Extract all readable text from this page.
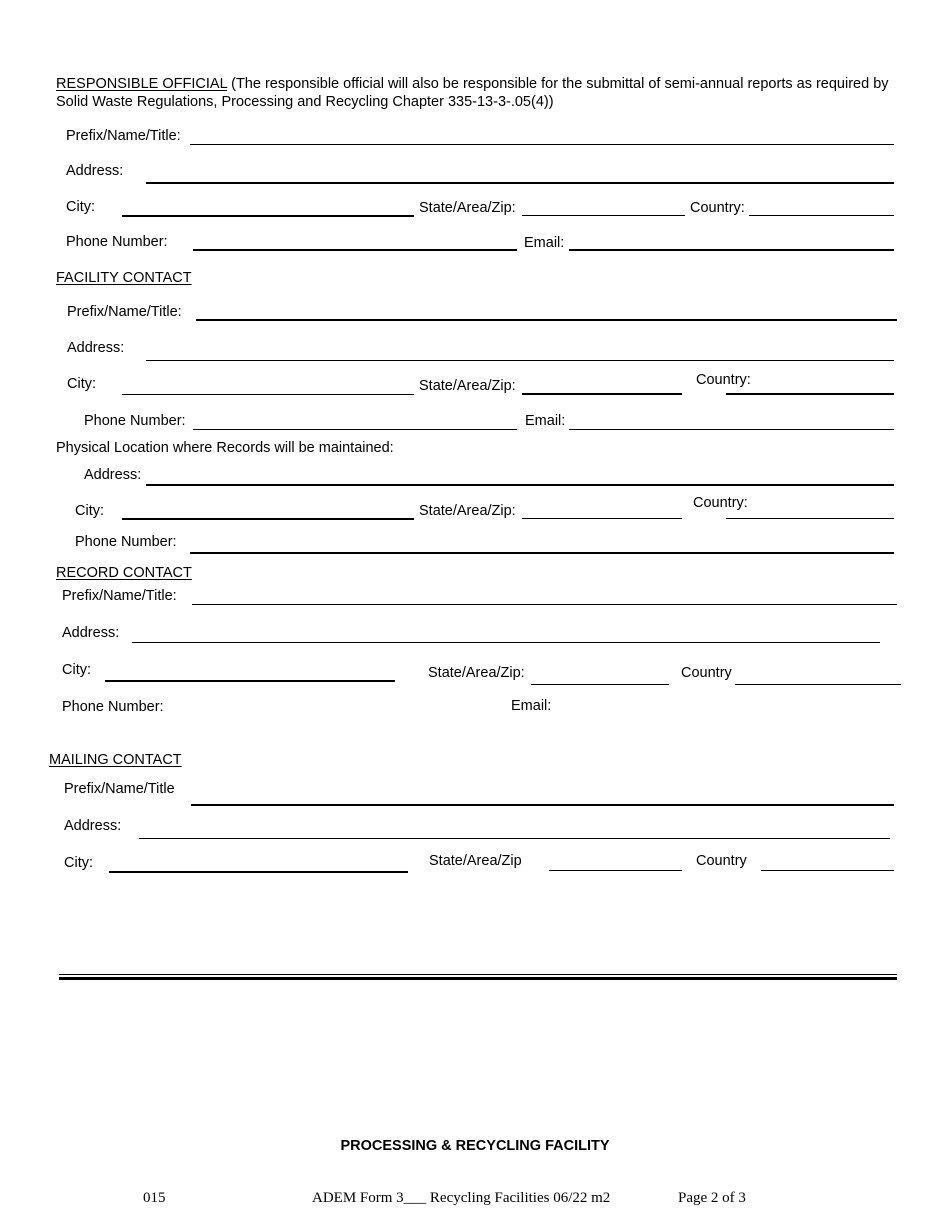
RESPONSIBLE OFFICIAL (The responsible official will also be responsible for the submittal of semi-annual reports as required by Solid Waste Regulations, Processing and Recycling Chapter 335-13-3-.05(4))
Prefix/Name/Title:
Address:
City:	State/Area/Zip:	Country:
Phone Number:	Email:
FACILITY CONTACT
Prefix/Name/Title:
Address:
City:	State/Area/Zip:	Country:
Phone Number:	Email:
Physical Location where Records will be maintained:
Address:
City:	State/Area/Zip:	Country:
Phone Number:
RECORD CONTACT
Prefix/Name/Title:
Address:
City:	State/Area/Zip:	Country
Phone Number:	Email:
MAILING CONTACT
Prefix/Name/Title
Address:
City:	State/Area/Zip	Country
PROCESSING & RECYCLING FACILITY
015	ADEM Form 3___ Recycling Facilities 06/22 m2	Page 2 of 3
